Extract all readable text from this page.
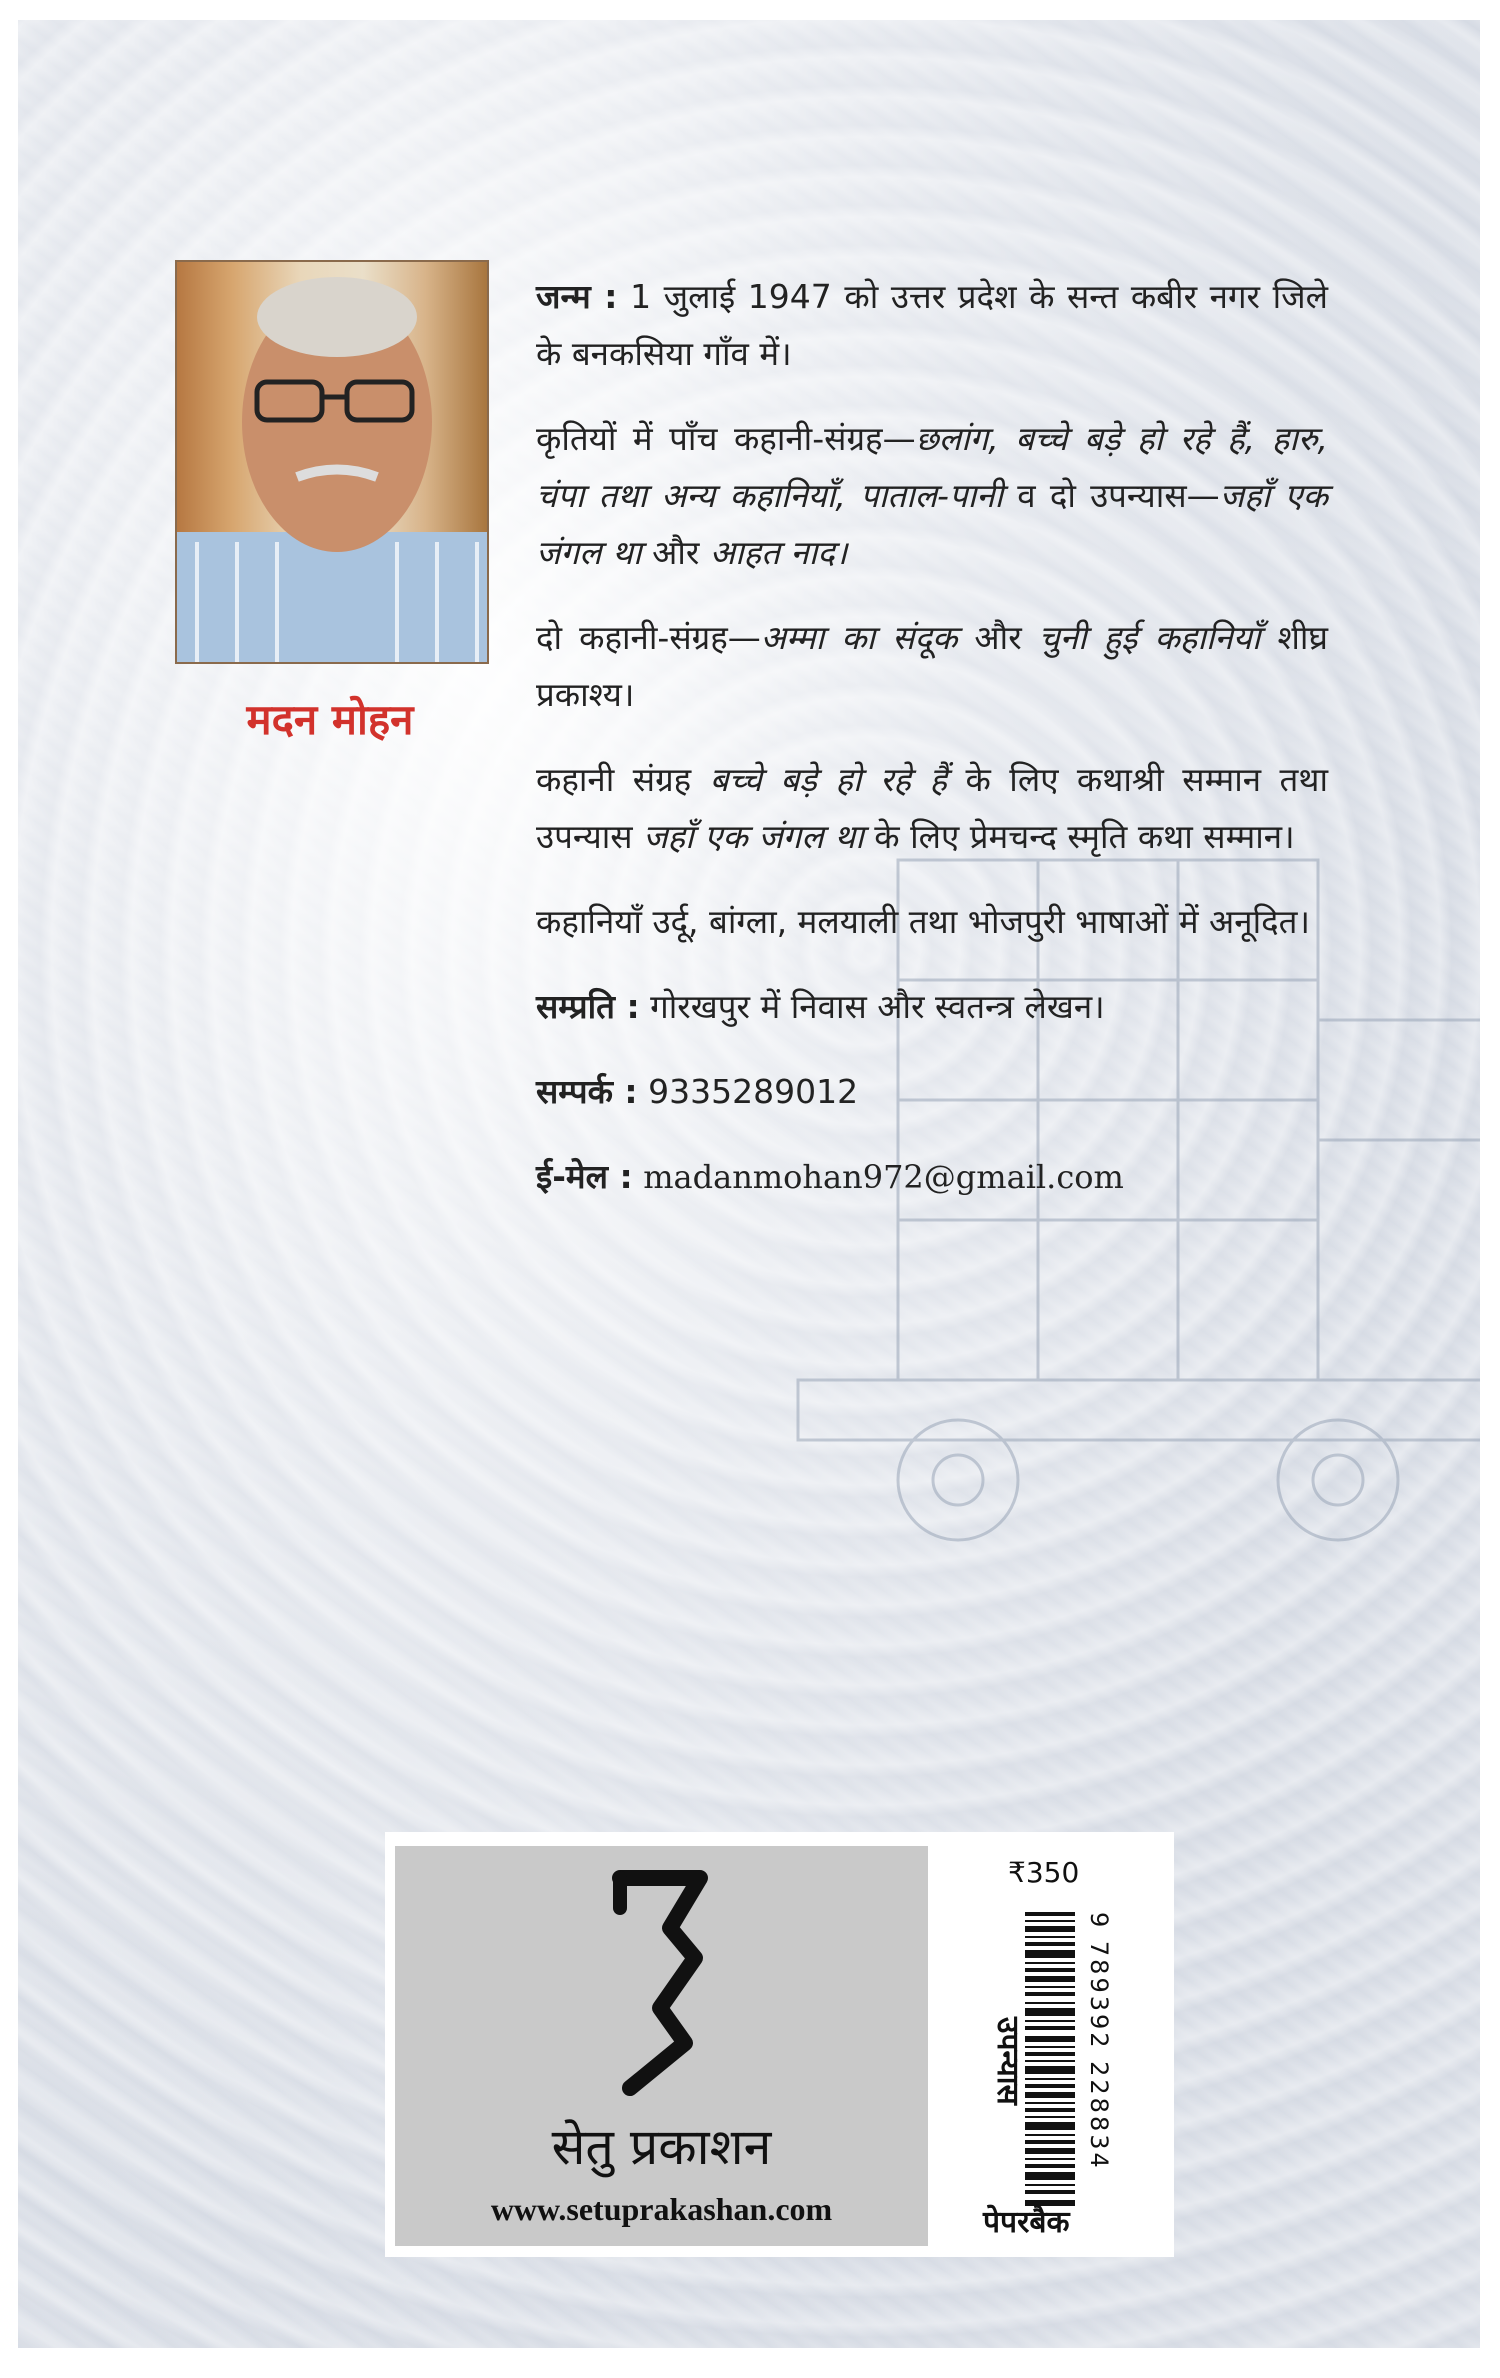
मदन मोहन

जन्म : 1 जुलाई 1947 को उत्तर प्रदेश के सन्त कबीर नगर जिले के बनकसिया गाँव में।

कृतियों में पाँच कहानी-संग्रह—छलांग, बच्चे बड़े हो रहे हैं, हारु, चंपा तथा अन्य कहानियाँ, पाताल-पानी व दो उपन्यास—जहाँ एक जंगल था और आहत नाद।

दो कहानी-संग्रह—अम्मा का संदूक और चुनी हुई कहानियाँ शीघ्र प्रकाश्य।

कहानी संग्रह बच्चे बड़े हो रहे हैं के लिए कथाश्री सम्मान तथा उपन्यास जहाँ एक जंगल था के लिए प्रेमचन्द स्मृति कथा सम्मान।

कहानियाँ उर्दू, बांग्ला, मलयाली तथा भोजपुरी भाषाओं में अनूदित।

सम्प्रति : गोरखपुर में निवास और स्वतन्त्र लेखन।

सम्पर्क : 9335289012

ई-मेल : madanmohan972@gmail.com

सेतु प्रकाशन
www.setuprakashan.com
₹350
उपन्यास	9 789392 228834
पेपरबैक
